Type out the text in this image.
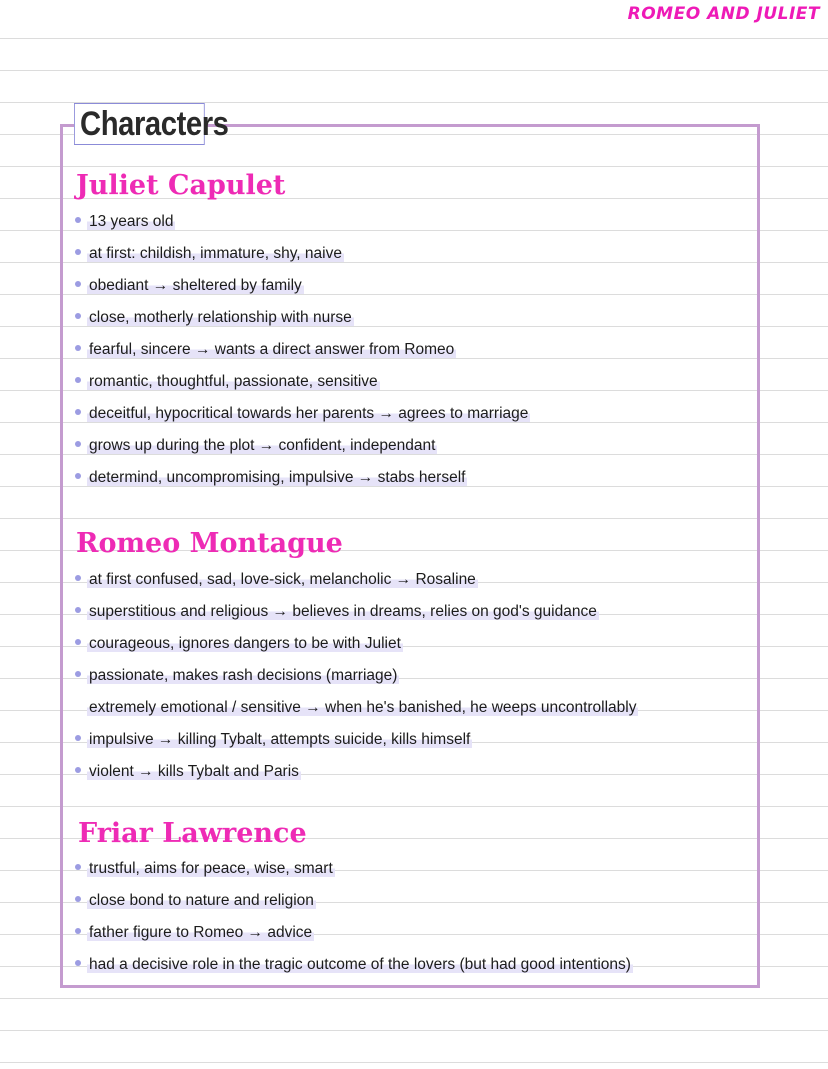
ROMEO AND JULIET
Characters
Juliet Capulet
13 years old
at first: childish, immature, shy, naive
obediant → sheltered by family
close, motherly relationship with nurse
fearful, sincere → wants a direct answer from Romeo
romantic, thoughtful, passionate, sensitive
deceitful, hypocritical towards her parents → agrees to marriage
grows up during the plot → confident, independant
determind, uncompromising, impulsive → stabs herself
Romeo Montague
at first confused, sad, love-sick, melancholic → Rosaline
superstitious and religious → believes in dreams, relies on god's guidance
courageous, ignores dangers to be with Juliet
passionate, makes rash decisions (marriage)
extremely emotional / sensitive → when he's banished, he weeps uncontrollably
impulsive → killing Tybalt, attempts suicide, kills himself
violent → kills Tybalt and Paris
Friar Lawrence
trustful, aims for peace, wise, smart
close bond to nature and religion
father figure to Romeo → advice
had a decisive role in the tragic outcome of the lovers (but had good intentions)
